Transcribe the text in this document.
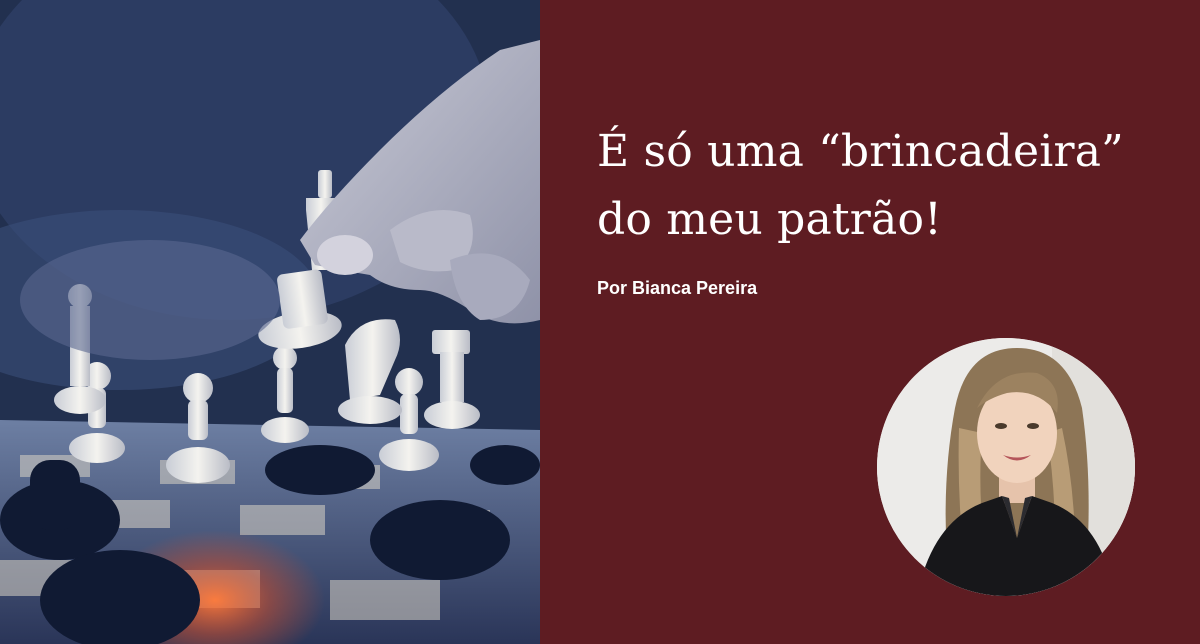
É só uma “brincadeira”
do meu patrão!

Por Bianca Pereira
